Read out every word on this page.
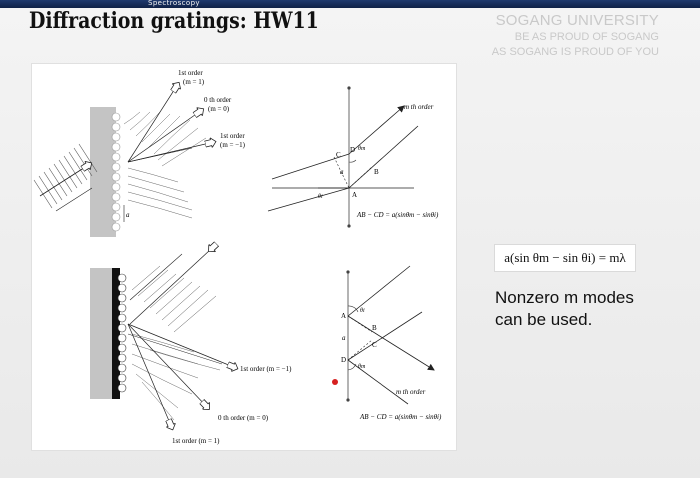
Spectroscopy
Diffraction gratings: HW11	SOGANG UNIVERSITY
BE AS PROUD OF SOGANG
AS SOGANG IS PROUD OF YOU
1st order
(m = 1)
0 th order
(m = 0)
1st order
(m = −1)
a
D
C
B
A
a
θm
θi
m th order
AB − CD = a(sinθm − sinθi)
1st order (m = −1)
0 th order (m = 0)
1st order (m = 1)
A
B
C
D
a
θi
θm
m th order
AB − CD = a(sinθm − sinθi)
a(sin θm − sin θi) = mλ
Nonzero m modes
can be used.
